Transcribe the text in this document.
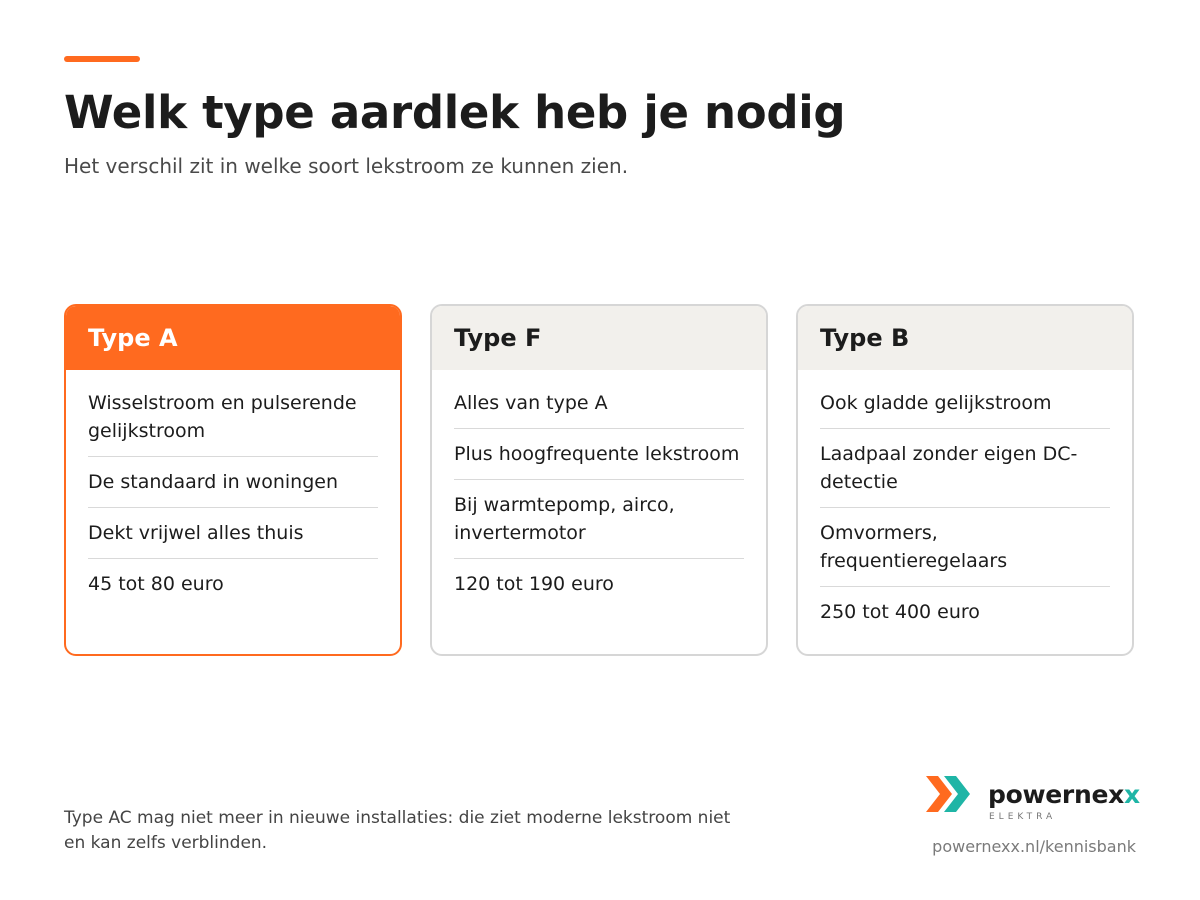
Welk type aardlek heb je nodig

Het verschil zit in welke soort lekstroom ze kunnen zien.

Type A
Wisselstroom en pulserende gelijkstroom
De standaard in woningen
Dekt vrijwel alles thuis
45 tot 80 euro
Type F
Alles van type A
Plus hoogfrequente lekstroom
Bij warmtepomp, airco, invertermotor
120 tot 190 euro
Type B
Ook gladde gelijkstroom
Laadpaal zonder eigen DC-detectie
Omvormers, frequentieregelaars
250 tot 400 euro

Type AC mag niet meer in nieuwe installaties: die ziet moderne lekstroom niet en kan zelfs verblinden.

powernexx
ELEKTRA
powernexx.nl/kennisbank
